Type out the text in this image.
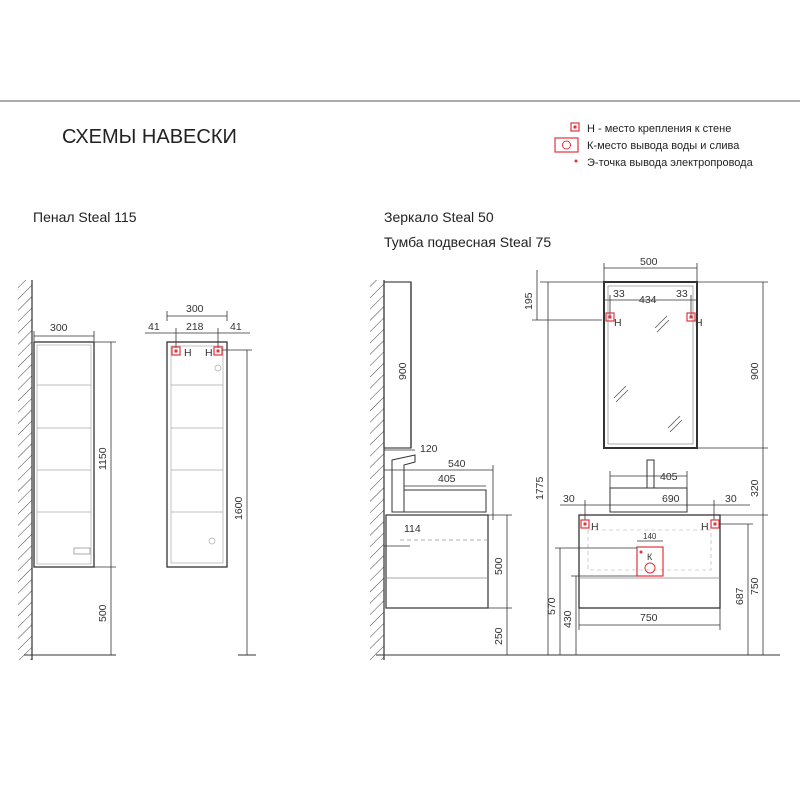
СХЕМЫ НАВЕСКИ	Н - место крепления к стене
К-место вывода воды и слива
Э-точка вывода электропровода
Пенал Steal 115	Зеркало Steal 50
Тумба подвесная Steal 75
300
1150
500
300
41	218	41
Н Н
1600
900
120
540
405
114
500
250
195
1775
500
33 434 33
Н	Н
900
320
405
30	690	30
Н	Н
140
К
750
570
430
687
750
